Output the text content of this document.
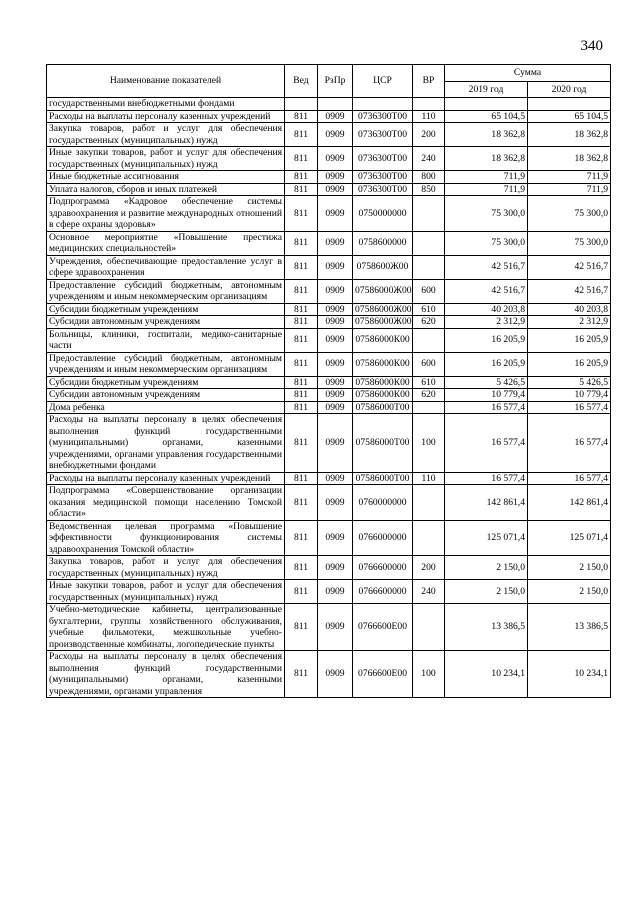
340
Наименование показателей	Вед	РзПр	ЦСР	ВР	Сумма	
					2019 год	2020 год
государственными внебюджетными фондами						
Расходы на выплаты персоналу казенных учреждений	811	0909	0736300Т00	110	65 104,5	65 104,5
Закупка товаров, работ и услуг для обеспечения государственных (муниципальных) нужд	811	0909	0736300Т00	200	18 362,8	18 362,8
Иные закупки товаров, работ и услуг для обеспечения государственных (муниципальных) нужд	811	0909	0736300Т00	240	18 362,8	18 362,8
Иные бюджетные ассигнования	811	0909	0736300Т00	800	711,9	711,9
Уплата налогов, сборов и иных платежей	811	0909	0736300Т00	850	711,9	711,9
Подпрограмма «Кадровое обеспечение системы здравоохранения и развитие международных отношений в сфере охраны здоровья»	811	0909	0750000000		75 300,0	75 300,0
Основное мероприятие «Повышение престижа медицинских специальностей»	811	0909	0758600000		75 300,0	75 300,0
Учреждения, обеспечивающие предоставление услуг в сфере здравоохранения	811	0909	0758600Ж00		42 516,7	42 516,7
Предоставление субсидий бюджетным, автономным учреждениям и иным некоммерческим организациям	811	0909	07586000Ж00	600	42 516,7	42 516,7
Субсидии бюджетным учреждениям	811	0909	07586000Ж00	610	40 203,8	40 203,8
Субсидии автономным учреждениям	811	0909	07586000Ж00	620	2 312,9	2 312,9
Больницы, клиники, госпитали, медико-санитарные части	811	0909	07586000К00		16 205,9	16 205,9
Предоставление субсидий бюджетным, автономным учреждениям и иным некоммерческим организациям	811	0909	07586000К00	600	16 205,9	16 205,9
Субсидии бюджетным учреждениям	811	0909	07586000К00	610	5 426,5	5 426,5
Субсидии автономным учреждениям	811	0909	07586000К00	620	10 779,4	10 779,4
Дома ребенка	811	0909	07586000Т00		16 577,4	16 577,4
Расходы на выплаты персоналу в целях обеспечения выполнения функций государственными (муниципальными) органами, казенными учреждениями, органами управления государственными внебюджетными фондами	811	0909	07586000Т00	100	16 577,4	16 577,4
Расходы на выплаты персоналу казенных учреждений	811	0909	07586000Т00	110	16 577,4	16 577,4
Подпрограмма «Совершенствование организации оказания медицинской помощи населению Томской области»	811	0909	0760000000		142 861,4	142 861,4
Ведомственная целевая программа «Повышение эффективности функционирования системы здравоохранения Томской области»	811	0909	0766000000		125 071,4	125 071,4
Закупка товаров, работ и услуг для обеспечения государственных (муниципальных) нужд	811	0909	0766600000	200	2 150,0	2 150,0
Иные закупки товаров, работ и услуг для обеспечения государственных (муниципальных) нужд	811	0909	0766600000	240	2 150,0	2 150,0
Учебно-методические кабинеты, централизованные бухгалтерии, группы хозяйственного обслуживания, учебные фильмотеки, межшкольные учебно-производственные комбинаты, логопедические пункты	811	0909	0766600Е00		13 386,5	13 386,5
Расходы на выплаты персоналу в целях обеспечения выполнения функций государственными (муниципальными) органами, казенными учреждениями, органами управления	811	0909	0766600Е00	100	10 234,1	10 234,1
